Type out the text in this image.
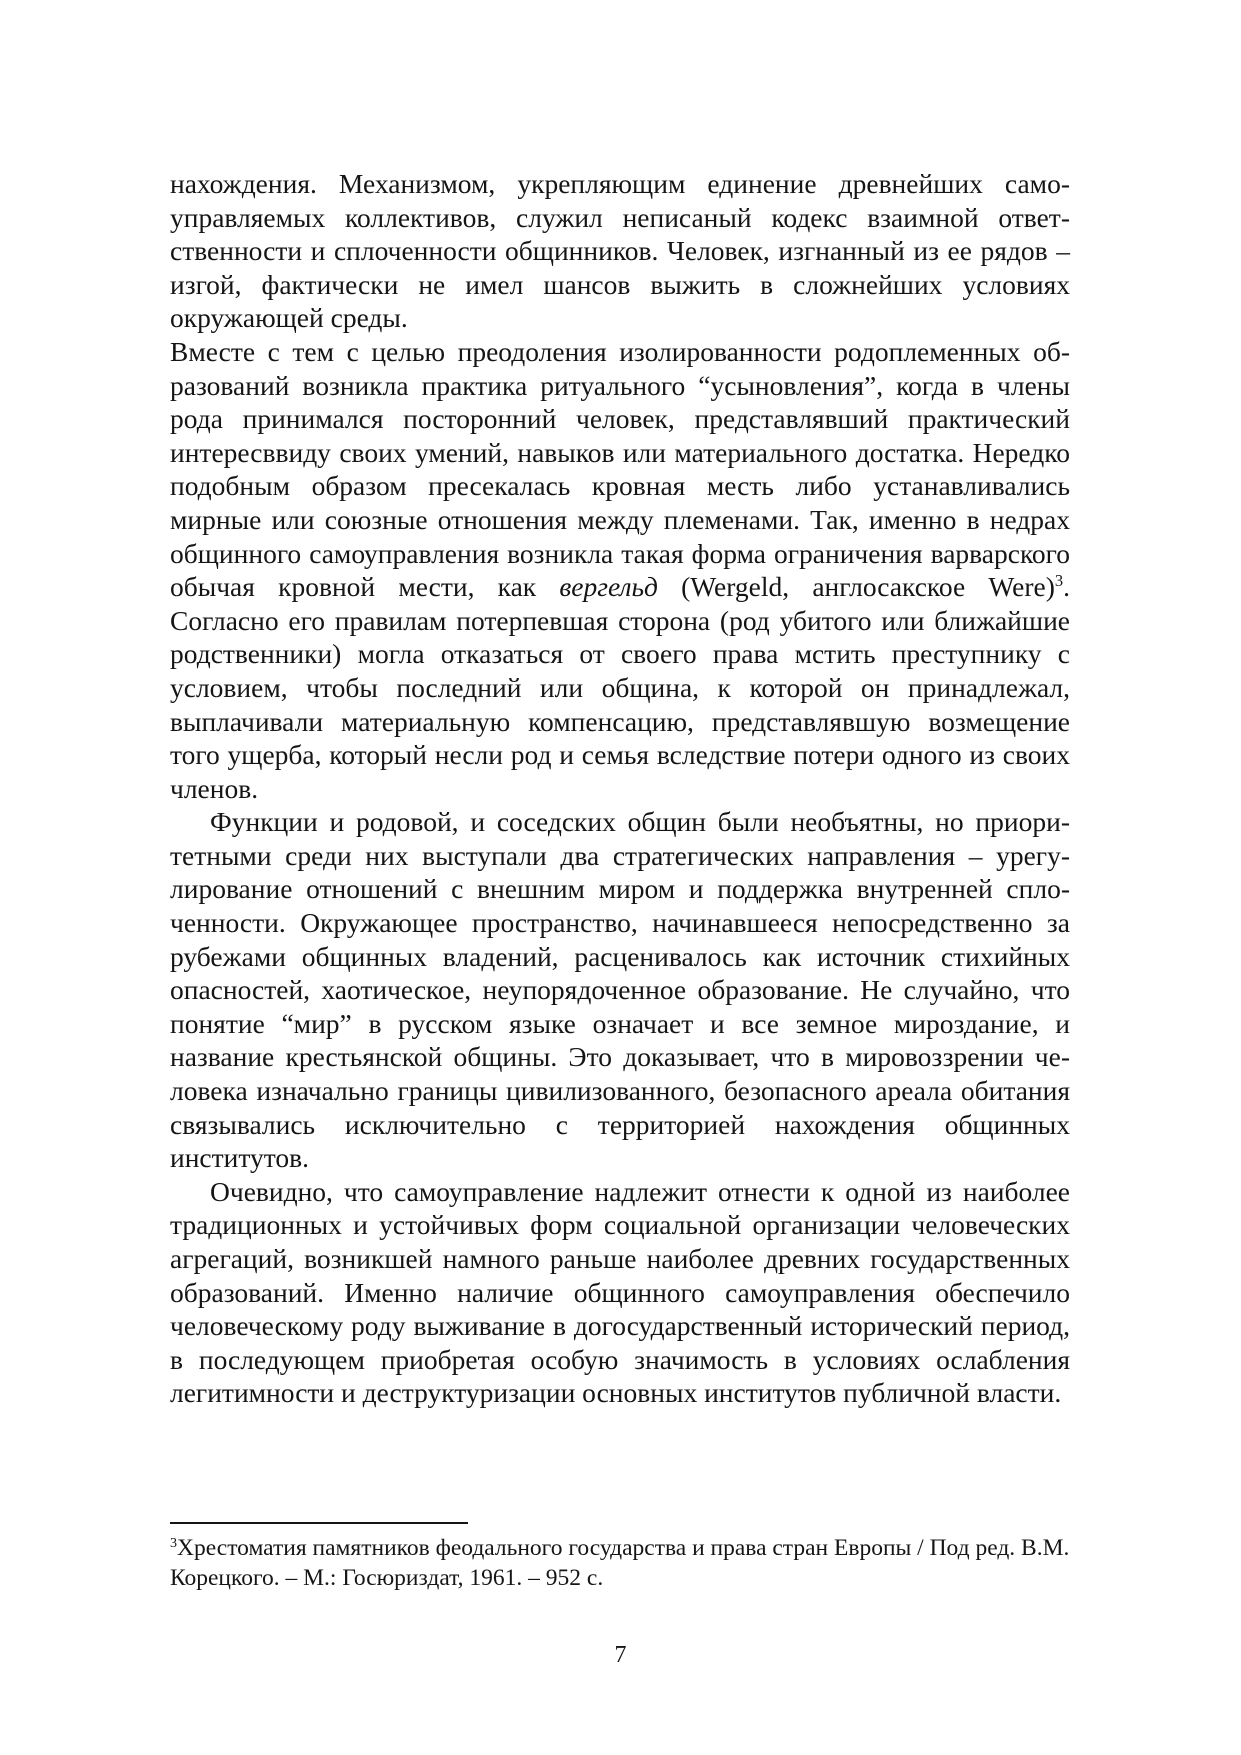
нахождения. Механизмом, укрепляющим единение древнейших самоуправляемых коллективов, служил неписаный кодекс взаимной ответственности и сплоченности общинников. Человек, изгнанный из ее рядов – изгой, фактически не имел шансов выжить в сложнейших условиях окружающей среды.

Вместе с тем с целью преодоления изолированности родоплеменных образований возникла практика ритуального “усыновления”, когда в члены рода принимался посторонний человек, представлявший практический интересввиду своих умений, навыков или материального достатка. Нередко подобным образом пресекалась кровная месть либо устанавливались мирные или союзные отношения между племенами. Так, именно в недрах общинного самоуправления возникла такая форма ограничения варварского обычая кровной мести, как вергельд (Wergeld, англосакское Were)$^3$. Согласно его правилам потерпевшая сторона (род убитого или ближайшие родственники) могла отказаться от своего права мстить преступнику с условием, чтобы последний или община, к которой он принадлежал, выплачивали материальную компенсацию, представлявшую возмещение того ущерба, который несли род и семья вследствие потери одного из своих членов.

Функции и родовой, и соседских общин были необъятны, но приоритетными среди них выступали два стратегических направления – урегулирование отношений с внешним миром и поддержка внутренней сплоченности. Окружающее пространство, начинавшееся непосредственно за рубежами общинных владений, расценивалось как источник стихийных опасностей, хаотическое, неупорядоченное образование. Не случайно, что понятие “мир” в русском языке означает и все земное мироздание, и название крестьянской общины. Это доказывает, что в мировоззрении человека изначально границы цивилизованного, безопасного ареала обитания связывались исключительно с территорией нахождения общинных институтов.

Очевидно, что самоуправление надлежит отнести к одной из наиболее традиционных и устойчивых форм социальной организации человеческих агрегаций, возникшей намного раньше наиболее древних государственных образований. Именно наличие общинного самоуправления обеспечило человеческому роду выживание в догосударственный исторический период, в последующем приобретая особую значимость в условиях ослабления легитимности и деструктуризации основных институтов публичной власти.

$^3$Хрестоматия памятников феодального государства и права стран Европы / Под ред. В.М. Корецкого. – М.: Госюриздат, 1961. – 952 с.

7
